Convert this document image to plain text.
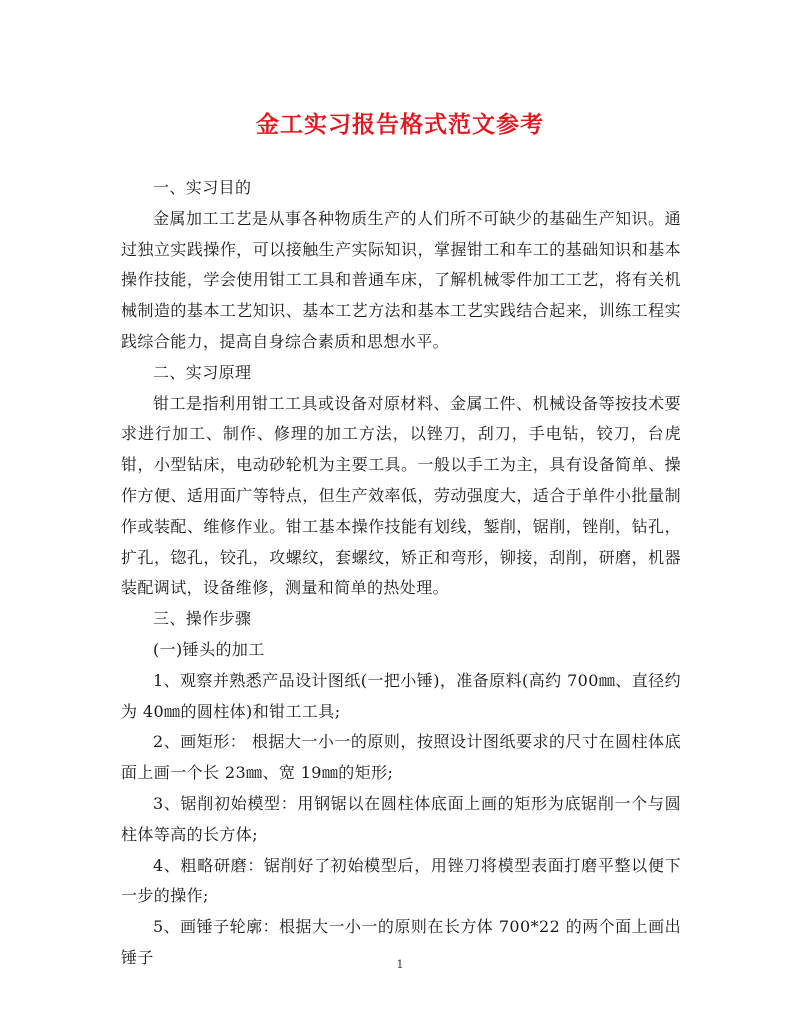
金工实习报告格式范文参考

一、实习目的

金属加工工艺是从事各种物质生产的人们所不可缺少的基础生产知识。通过独立实践操作，可以接触生产实际知识，掌握钳工和车工的基础知识和基本操作技能，学会使用钳工工具和普通车床，了解机械零件加工工艺，将有关机械制造的基本工艺知识、基本工艺方法和基本工艺实践结合起来，训练工程实践综合能力，提高自身综合素质和思想水平。

二、实习原理

钳工是指利用钳工工具或设备对原材料、金属工件、机械设备等按技术要求进行加工、制作、修理的加工方法，以锉刀，刮刀，手电钻，铰刀，台虎钳，小型钻床，电动砂轮机为主要工具。一般以手工为主，具有设备简单、操作方便、适用面广等特点，但生产效率低，劳动强度大，适合于单件小批量制作或装配、维修作业。钳工基本操作技能有划线，錾削，锯削，锉削，钻孔，扩孔，锪孔，铰孔，攻螺纹，套螺纹，矫正和弯形，铆接，刮削，研磨，机器装配调试，设备维修，测量和简单的热处理。

三、操作步骤

(一)锤头的加工

1、观察并熟悉产品设计图纸(一把小锤)，准备原料(高约 700㎜、直径约为 40㎜的圆柱体)和钳工工具;

2、画矩形： 根据大一小一的原则，按照设计图纸要求的尺寸在圆柱体底面上画一个长 23㎜、宽 19㎜的矩形;

3、锯削初始模型：用钢锯以在圆柱体底面上画的矩形为底锯削一个与圆柱体等高的长方体;

4、粗略研磨：锯削好了初始模型后，用锉刀将模型表面打磨平整以便下一步的操作;

5、画锤子轮廓：根据大一小一的原则在长方体 700*22 的两个面上画出锤子	1
